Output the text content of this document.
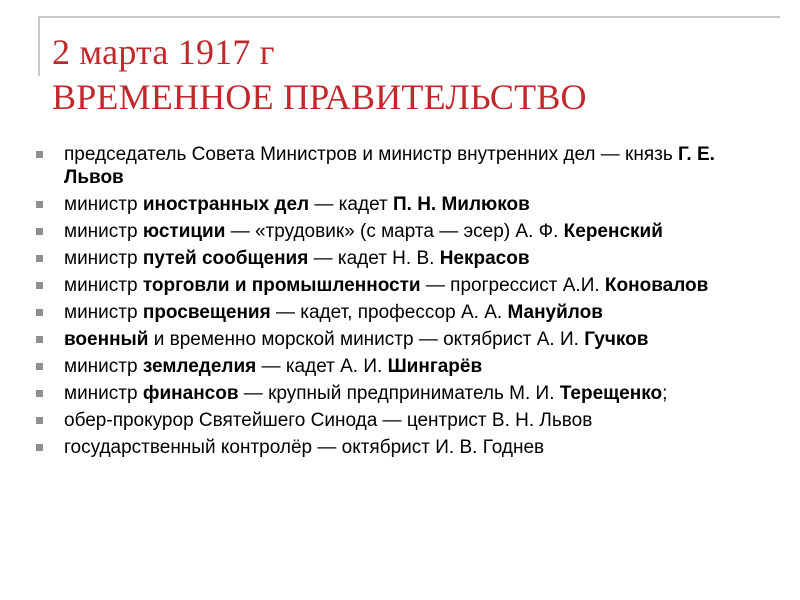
2 марта 1917 г
ВРЕМЕННОЕ ПРАВИТЕЛЬСТВО
председатель Совета Министров и министр внутренних дел — князь Г. Е. Львов
министр иностранных дел — кадет П. Н. Милюков
министр юстиции — «трудовик» (с марта — эсер) А. Ф. Керенский
министр путей сообщения — кадет Н. В. Некрасов
министр торговли и промышленности — прогрессист А.И. Коновалов
министр просвещения — кадет, профессор А. А. Мануйлов
военный и временно морской министр — октябрист А. И. Гучков
министр земледелия — кадет А. И. Шингарёв
министр финансов — крупный предприниматель М. И. Терещенко;
обер-прокурор Святейшего Синода — центрист В. Н. Львов
государственный контролёр — октябрист И. В. Годнев
